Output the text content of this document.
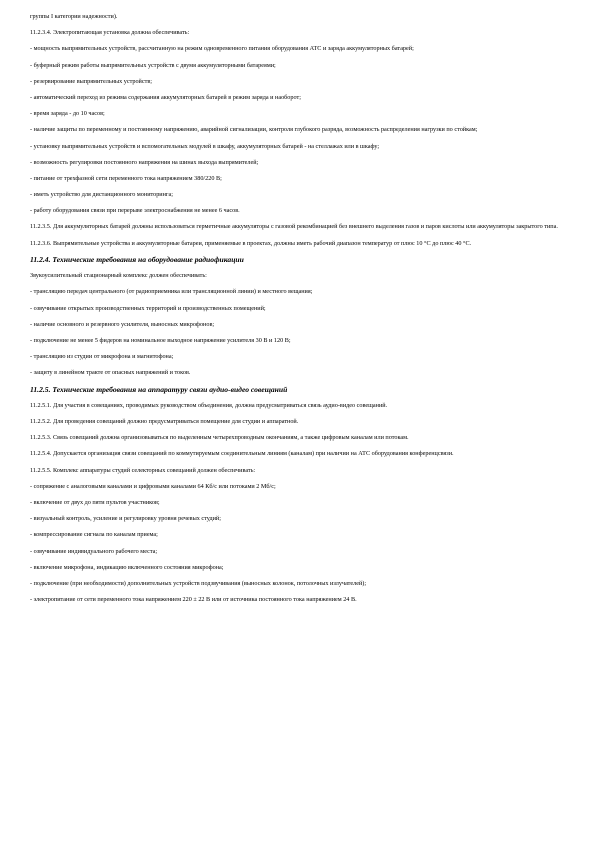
группы I категории надежности).
11.2.3.4. Электропитающая установка должна обеспечивать:
- мощность выпрямительных устройств, рассчитанную на режим одновременного питания оборудования АТС и заряда аккумуляторных батарей;
- буферный режим работы выпрямительных устройств с двумя аккумуляторными батареями;
- резервирование выпрямительных устройств;
- автоматический переход из режима содержания аккумуляторных батарей в режим заряда и наоборот;
- время заряда - до 10 часов;
- наличие защиты по переменному и постоянному напряжению, аварийной сигнализации, контроля глубокого разряда, возможность распределения нагрузки по стойкам;
- установку выпрямительных устройств и вспомогательных модулей в шкафу, аккумуляторных батарей - на стеллажах или в шкафу;
- возможность регулировки постоянного напряжения на шинах выхода выпрямителей;
- питание от трехфазной сети переменного тока напряжением 380/220 В;
- иметь устройство для дистанционного мониторинга;
- работу оборудования связи при перерыве электроснабжения не менее 6 часов.
11.2.3.5. Для аккумуляторных батарей должны использоваться герметичные аккумуляторы с газовой рекомбинацией без внешнего выделения газов и паров кислоты или аккумуляторы закрытого типа.
11.2.3.6. Выпрямительные устройства и аккумуляторные батареи, применяемые в проектах, должны иметь рабочий диапазон температур от плюс 10 °С до плюс 40 °С.
11.2.4. Технические требования на оборудование радиофикации
Звукоусилительный стационарный комплекс должен обеспечивать:
- трансляцию передач центрального (от радиоприемника или трансляционной линии) и местного вещания;
- озвучивание открытых производственных территорий и производственных помещений;
- наличие основного и резервного усилителя, выносных микрофонов;
- подключение не менее 5 фидеров на номинальное выходное напряжение усилителя 30 В и 120 В;
- трансляцию из студии от микрофона и магнитофона;
- защиту в линейном тракте от опасных напряжений и токов.
11.2.5. Технические требования на аппаратуру связи аудио-видео совещаний
11.2.5.1. Для участия в совещаниях, проводимых руководством объединения, должна предусматриваться связь аудио-видео совещаний.
11.2.5.2. Для проведения совещаний должно предусматриваться помещение для студии и аппаратной.
11.2.5.3. Связь совещаний должна организовываться по выделенным четырехпроводным окончаниям, а также цифровым каналам или потокам.
11.2.5.4. Допускается организация связи совещаний по коммутируемым соединительным линиям (каналам) при наличии на АТС оборудования конференцсвязи.
11.2.5.5. Комплекс аппаратуры студий селекторных совещаний должен обеспечивать:
- сопряжение с аналоговыми каналами и цифровыми каналами 64 Кб/с или потоками 2 Мб/с;
- включение от двух до пяти пультов участников;
- визуальный контроль, усиление и регулировку уровня речевых студий;
- компрессирование сигнала по каналам приема;
- озвучивание индивидуального рабочего места;
- включение микрофона, индикацию включенного состояния микрофона;
- подключение (при необходимости) дополнительных устройств подзвучивания (выносных колонок, потолочных излучателей);
- электропитание от сети переменного тока напряжением 220 ± 22 В или от источника постоянного тока напряжением 24 В.
